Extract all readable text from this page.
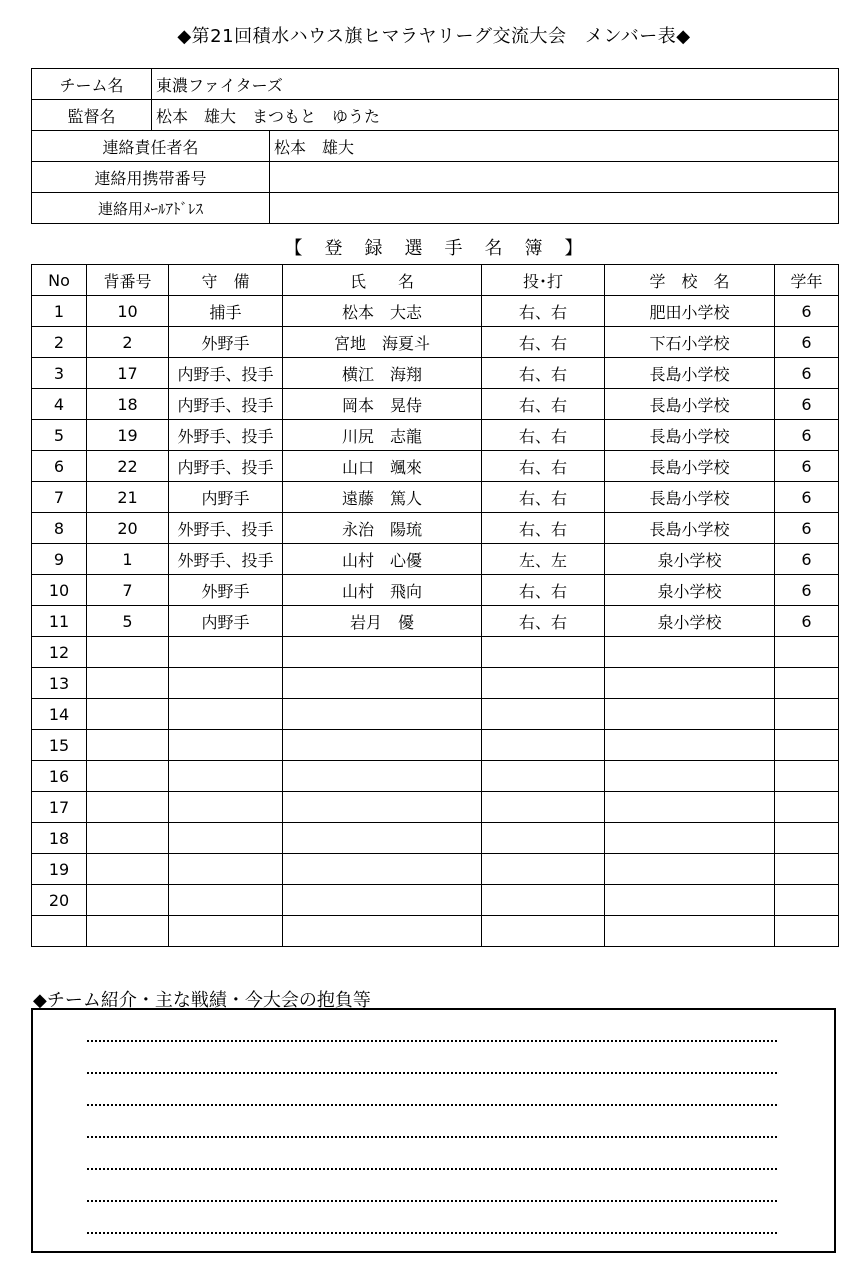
◆第21回積水ハウス旗ヒマラヤリーグ交流大会　メンバー表◆
チーム名	東濃ファイターズ	
監督名	松本　雄大　まつもと　ゆうた	
連絡責任者名		松本　雄大
連絡用携帯番号		
連絡用ﾒｰﾙｱﾄﾞﾚｽ		
【 登 録 選 手 名 簿 】
No	背番号	守　備	氏　　名	投･打	学　校　名	学年
1	10	捕手	松本　大志	右、右	肥田小学校	6
2	2	外野手	宮地　海夏斗	右、右	下石小学校	6
3	17	内野手、投手	横江　海翔	右、右	長島小学校	6
4	18	内野手、投手	岡本　晃侍	右、右	長島小学校	6
5	19	外野手、投手	川尻　志龍	右、右	長島小学校	6
6	22	内野手、投手	山口　颯來	右、右	長島小学校	6
7	21	内野手	遠藤　篤人	右、右	長島小学校	6
8	20	外野手、投手	永治　陽琉	右、右	長島小学校	6
9	1	外野手、投手	山村　心優	左、左	泉小学校	6
10	7	外野手	山村　飛向	右、右	泉小学校	6
11	5	内野手	岩月　優	右、右	泉小学校	6
12						
13						
14						
15						
16						
17						
18						
19						
20						

◆チーム紹介・主な戦績・今大会の抱負等
